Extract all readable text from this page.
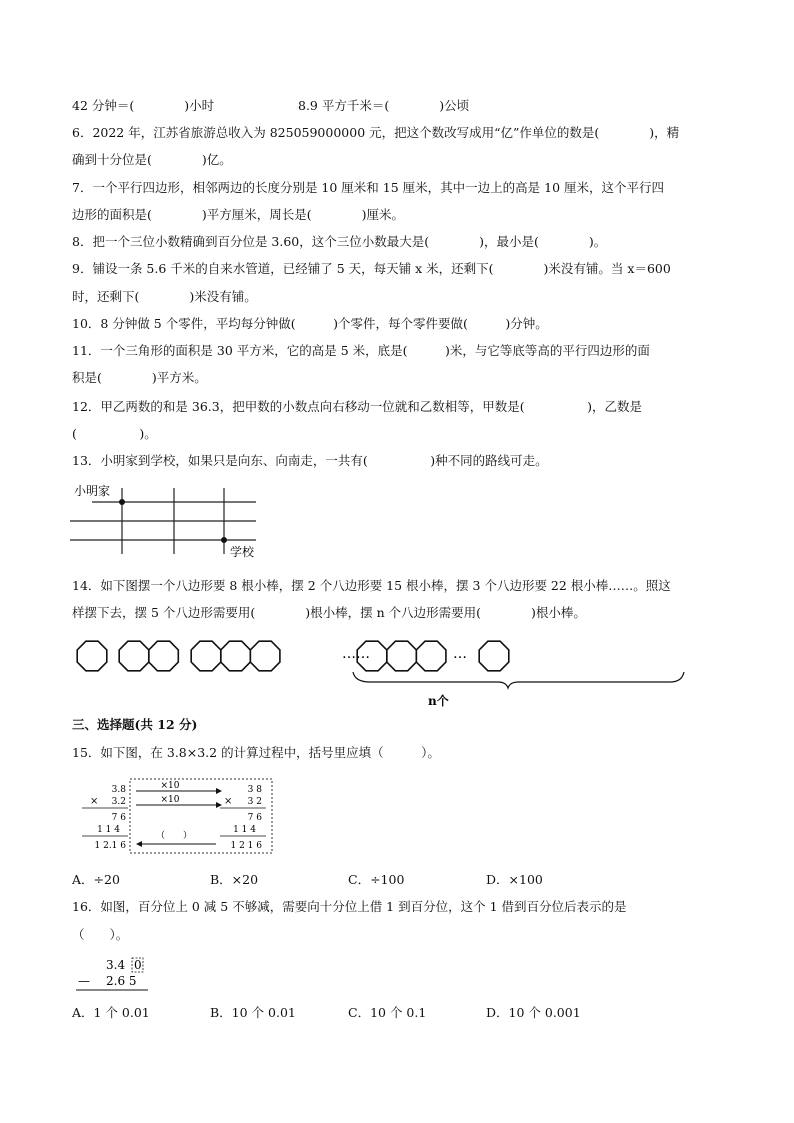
42 分钟＝(　　　　)小时	8.9 平方千米＝(　　　　)公顷
6．2022 年，江苏省旅游总收入为 825059000000 元，把这个数改写成用“亿”作单位的数是(　　　　)，精
确到十分位是(　　　　)亿。
7．一个平行四边形，相邻两边的长度分别是 10 厘米和 15 厘米，其中一边上的高是 10 厘米，这个平行四
边形的面积是(　　　　)平方厘米，周长是(　　　　)厘米。
8．把一个三位小数精确到百分位是 3.60，这个三位小数最大是(　　　　)，最小是(　　　　)。
9．铺设一条 5.6 千米的自来水管道，已经铺了 5 天，每天铺 x 米，还剩下(　　　　)米没有铺。当 x＝600
时，还剩下(　　　　)米没有铺。
10．8 分钟做 5 个零件，平均每分钟做(　　　)个零件，每个零件要做(　　　)分钟。
11．一个三角形的面积是 30 平方米，它的高是 5 米，底是(　　　)米，与它等底等高的平行四边形的面
积是(　　　　)平方米。
12．甲乙两数的和是 36.3，把甲数的小数点向右移动一位就和乙数相等，甲数是(　　　　　)，乙数是
(　　　　　)。
13．小明家到学校，如果只是向东、向南走，一共有(　　　　　)种不同的路线可走。
小明家
学校
14．如下图摆一个八边形要 8 根小棒，摆 2 个八边形要 15 根小棒，摆 3 个八边形要 22 根小棒……。照这
样摆下去，摆 5 个八边形需要用(　　　　)根小棒，摆 n 个八边形需要用(　　　　)根小棒。
……	…
n个
三、选择题(共 12 分)
15．如下图，在 3.8×3.2 的计算过程中，括号里应填（　　　）。
3.8
× 3.2
7 6
1 1 4
1 2.1 6
×10
×10
（　　）
3 8
× 3 2
7 6
1 1 4
1 2 1 6
A．÷20	B．×20	C．÷100	D．×100
16．如图，百分位上 0 减 5 不够减，需要向十分位上借 1 到百分位，这个 1 借到百分位后表示的是
（　　）。
3.4 0
— 2.6 5
A．1 个 0.01	B．10 个 0.01	C．10 个 0.1	D．10 个 0.001
